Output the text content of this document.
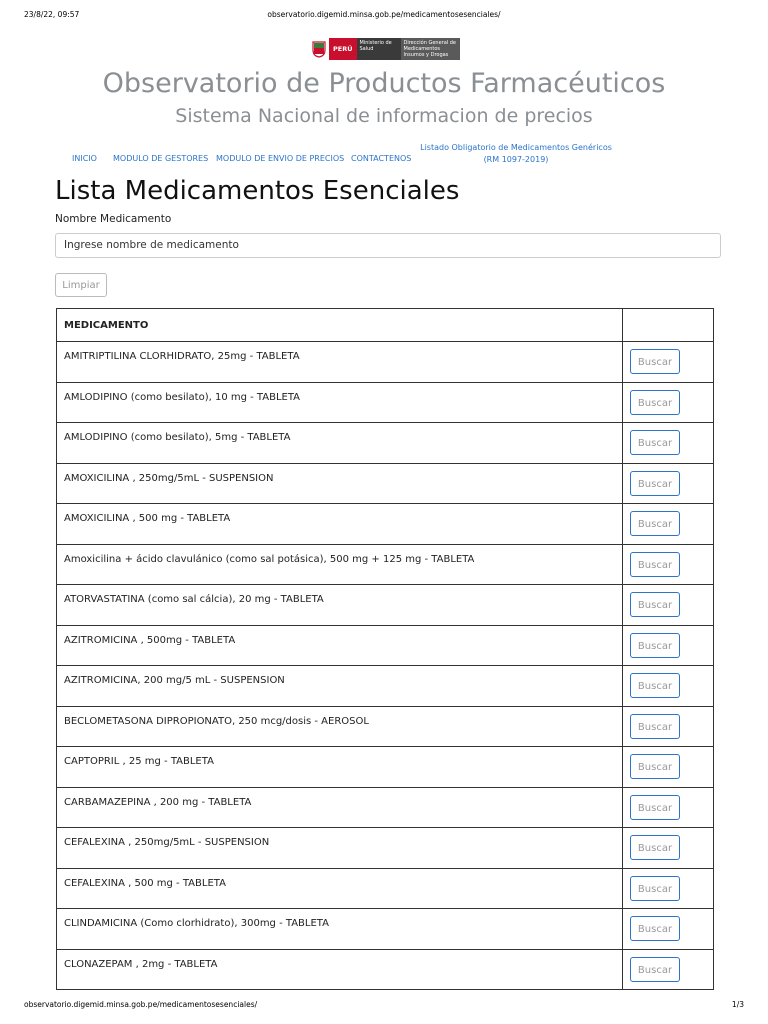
23/8/22, 09:57	observatorio.digemid.minsa.gob.pe/medicamentosesenciales/
PERÚ
Ministerio de Salud
Dirección General de Medicamentos Insumos y Drogas
Observatorio de Productos Farmacéuticos
Sistema Nacional de informacion de precios
INICIO MODULO DE GESTORES MODULO DE ENVIO DE PRECIOS CONTACTENOS
Listado Obligatorio de Medicamentos Genéricos
(RM 1097-2019)
Lista Medicamentos Esenciales
Nombre Medicamento
Ingrese nombre de medicamento
Limpiar
MEDICAMENTO	
AMITRIPTILINA CLORHIDRATO, 25mg - TABLETA	Buscar

AMLODIPINO (como besilato), 10 mg - TABLETA	Buscar

AMLODIPINO (como besilato), 5mg - TABLETA	Buscar

AMOXICILINA , 250mg/5mL - SUSPENSION	Buscar

AMOXICILINA , 500 mg - TABLETA	Buscar

Amoxicilina + ácido clavulánico (como sal potásica), 500 mg + 125 mg - TABLETA	Buscar

ATORVASTATINA (como sal cálcia), 20 mg - TABLETA	Buscar

AZITROMICINA , 500mg - TABLETA	Buscar

AZITROMICINA, 200 mg/5 mL - SUSPENSION	Buscar

BECLOMETASONA DIPROPIONATO, 250 mcg/dosis - AEROSOL	Buscar

CAPTOPRIL , 25 mg - TABLETA	Buscar

CARBAMAZEPINA , 200 mg - TABLETA	Buscar

CEFALEXINA , 250mg/5mL - SUSPENSION	Buscar

CEFALEXINA , 500 mg - TABLETA	Buscar

CLINDAMICINA (Como clorhidrato), 300mg - TABLETA	Buscar

CLONAZEPAM , 2mg - TABLETA	Buscar
observatorio.digemid.minsa.gob.pe/medicamentosesenciales/	1/3
